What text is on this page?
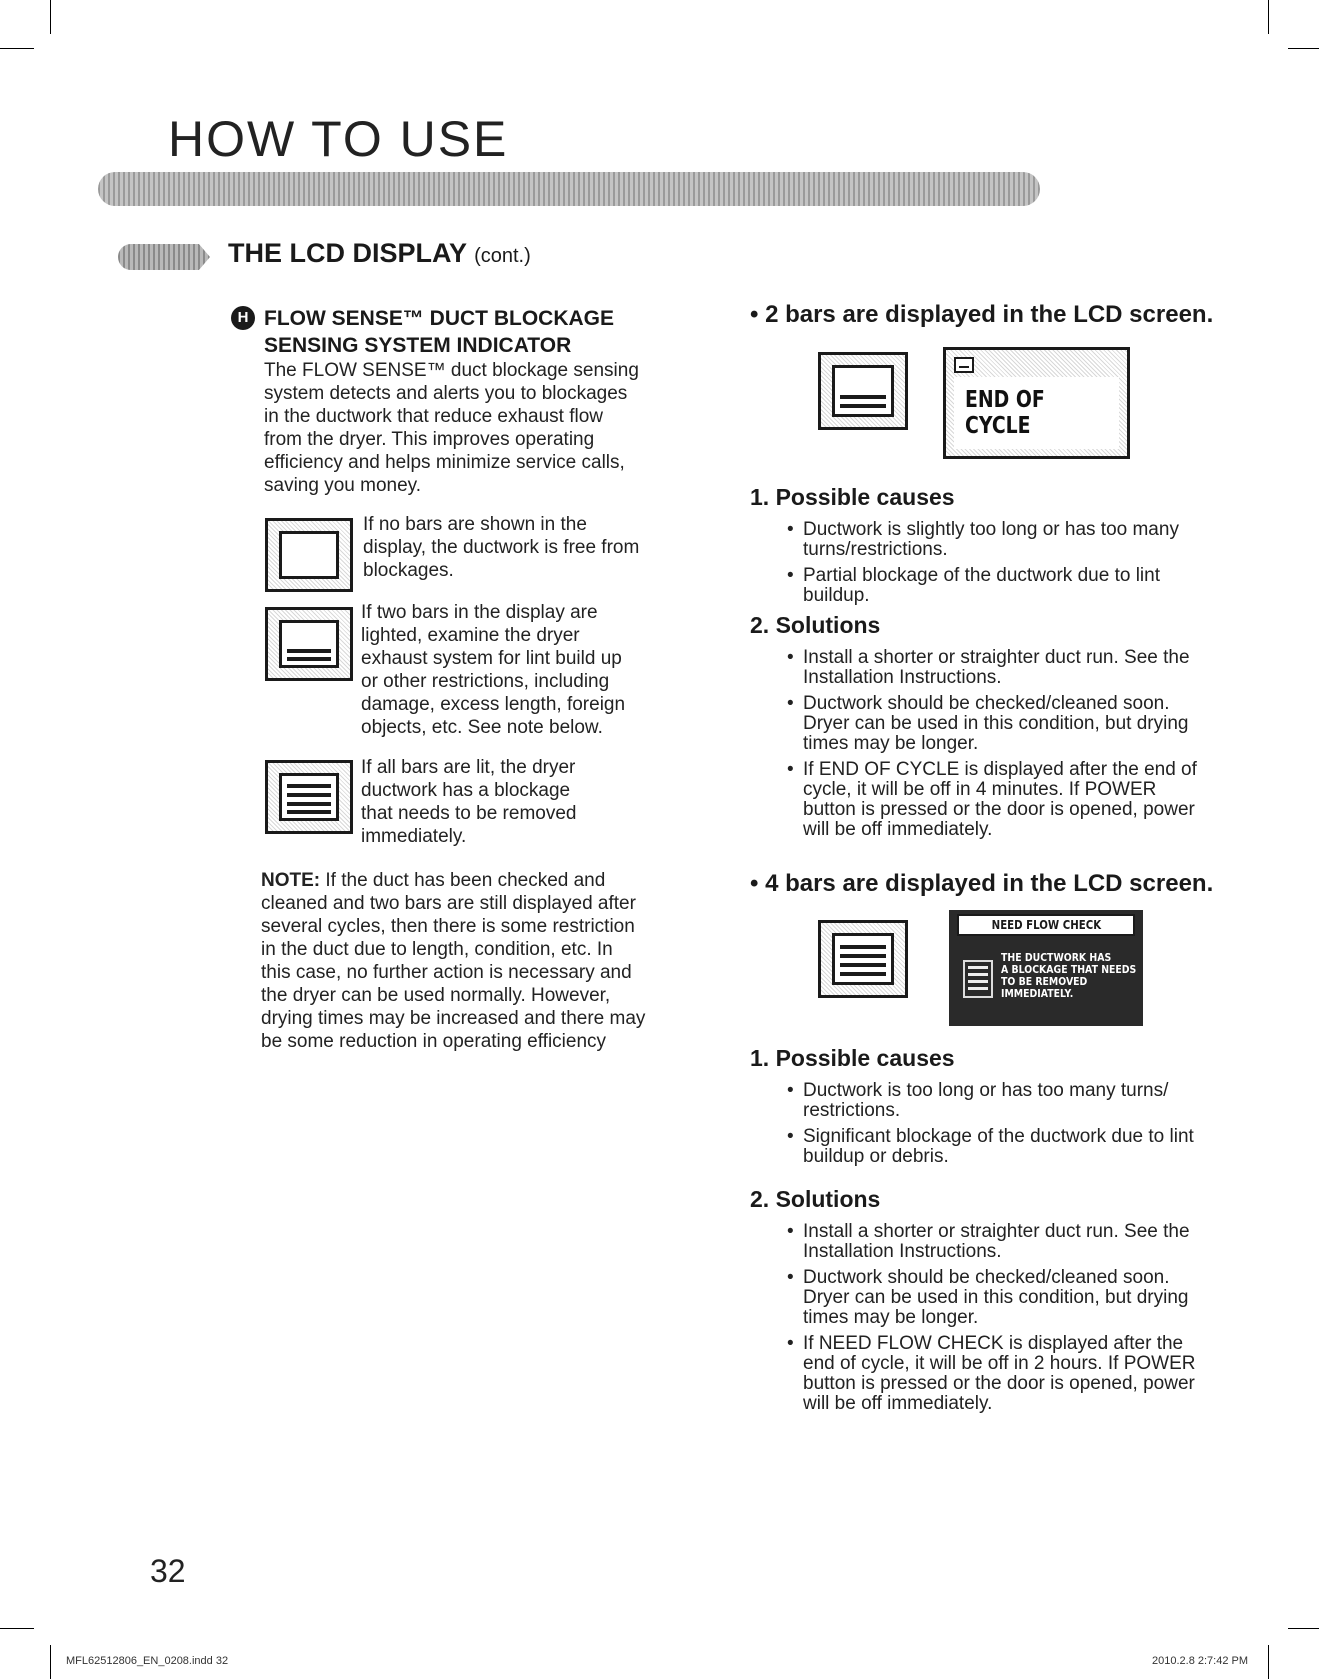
HOW TO USE
THE LCD DISPLAY (cont.)
H FLOW SENSE™ DUCT BLOCKAGE
SENSING SYSTEM INDICATOR
The FLOW SENSE™ duct blockage sensing
system detects and alerts you to blockages
in the ductwork that reduce exhaust flow
from the dryer. This improves operating
efficiency and helps minimize service calls,
saving you money.
If no bars are shown in the
display, the ductwork is free from
blockages.
If two bars in the display are
lighted, examine the dryer
exhaust system for lint build up
or other restrictions, including
damage, excess length, foreign
objects, etc. See note below.
If all bars are lit, the dryer
ductwork has a blockage
that needs to be removed
immediately.
NOTE: If the duct has been checked and
cleaned and two bars are still displayed after
several cycles, then there is some restriction
in the duct due to length, condition, etc. In
this case, no further action is necessary and
the dryer can be used normally. However,
drying times may be increased and there may
be some reduction in operating efficiency
• 2 bars are displayed in the LCD screen.
END OF CYCLE
1. Possible causes
• Ductwork is slightly too long or has too many turns/restrictions.
• Partial blockage of the ductwork due to lint buildup.
2. Solutions
• Install a shorter or straighter duct run. See the Installation Instructions.
• Ductwork should be checked/cleaned soon. Dryer can be used in this condition, but drying times may be longer.
• If END OF CYCLE is displayed after the end of cycle, it will be off in 4 minutes. If POWER button is pressed or the door is opened, power will be off immediately.
• 4 bars are displayed in the LCD screen.
NEED FLOW CHECK
THE DUCTWORK HAS
A BLOCKAGE THAT NEEDS
TO BE REMOVED
IMMEDIATELY.
1. Possible causes
• Ductwork is too long or has too many turns/ restrictions.
• Significant blockage of the ductwork due to lint buildup or debris.
2. Solutions
• Install a shorter or straighter duct run. See the Installation Instructions.
• Ductwork should be checked/cleaned soon. Dryer can be used in this condition, but drying times may be longer.
• If NEED FLOW CHECK is displayed after the end of cycle, it will be off in 2 hours. If POWER button is pressed or the door is opened, power will be off immediately.
32
MFL62512806_EN_0208.indd 32	2010.2.8 2:7:42 PM
